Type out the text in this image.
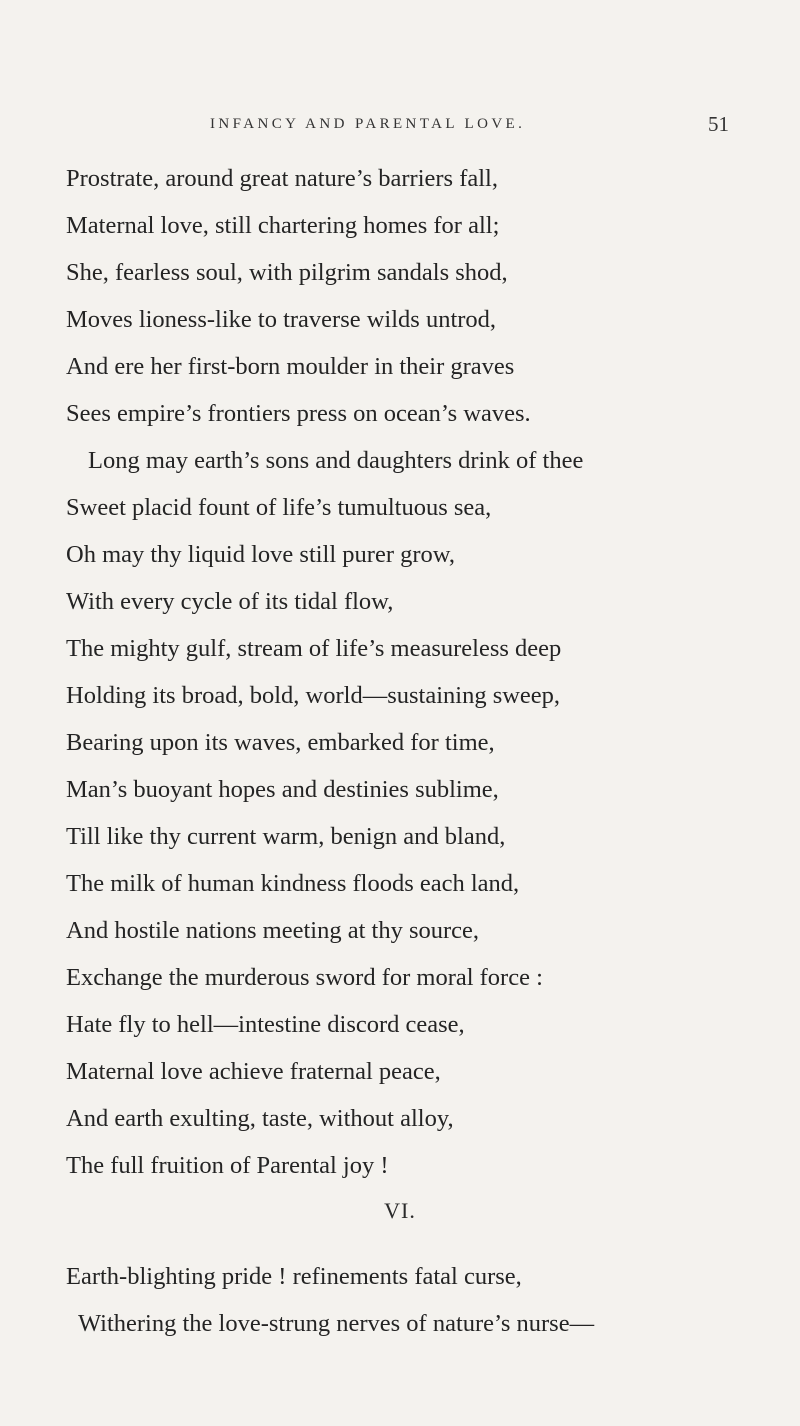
INFANCY AND PARENTAL LOVE.	51
Prostrate, around great nature’s barriers fall,
Maternal love, still chartering homes for all;
She, fearless soul, with pilgrim sandals shod,
Moves lioness-like to traverse wilds untrod,
And ere her first-born moulder in their graves
Sees empire’s frontiers press on ocean’s waves.
Long may earth’s sons and daughters drink of thee
Sweet placid fount of life’s tumultuous sea,
Oh may thy liquid love still purer grow,
With every cycle of its tidal flow,
The mighty gulf, stream of life’s measureless deep
Holding its broad, bold, world—sustaining sweep,
Bearing upon its waves, embarked for time,
Man’s buoyant hopes and destinies sublime,
Till like thy current warm, benign and bland,
The milk of human kindness floods each land,
And hostile nations meeting at thy source,
Exchange the murderous sword for moral force :
Hate fly to hell—intestine discord cease,
Maternal love achieve fraternal peace,
And earth exulting, taste, without alloy,
The full fruition of Parental joy !
Earth-blighting pride ! refinements fatal curse,
Withering the love-strung nerves of nature’s nurse—
VI.
